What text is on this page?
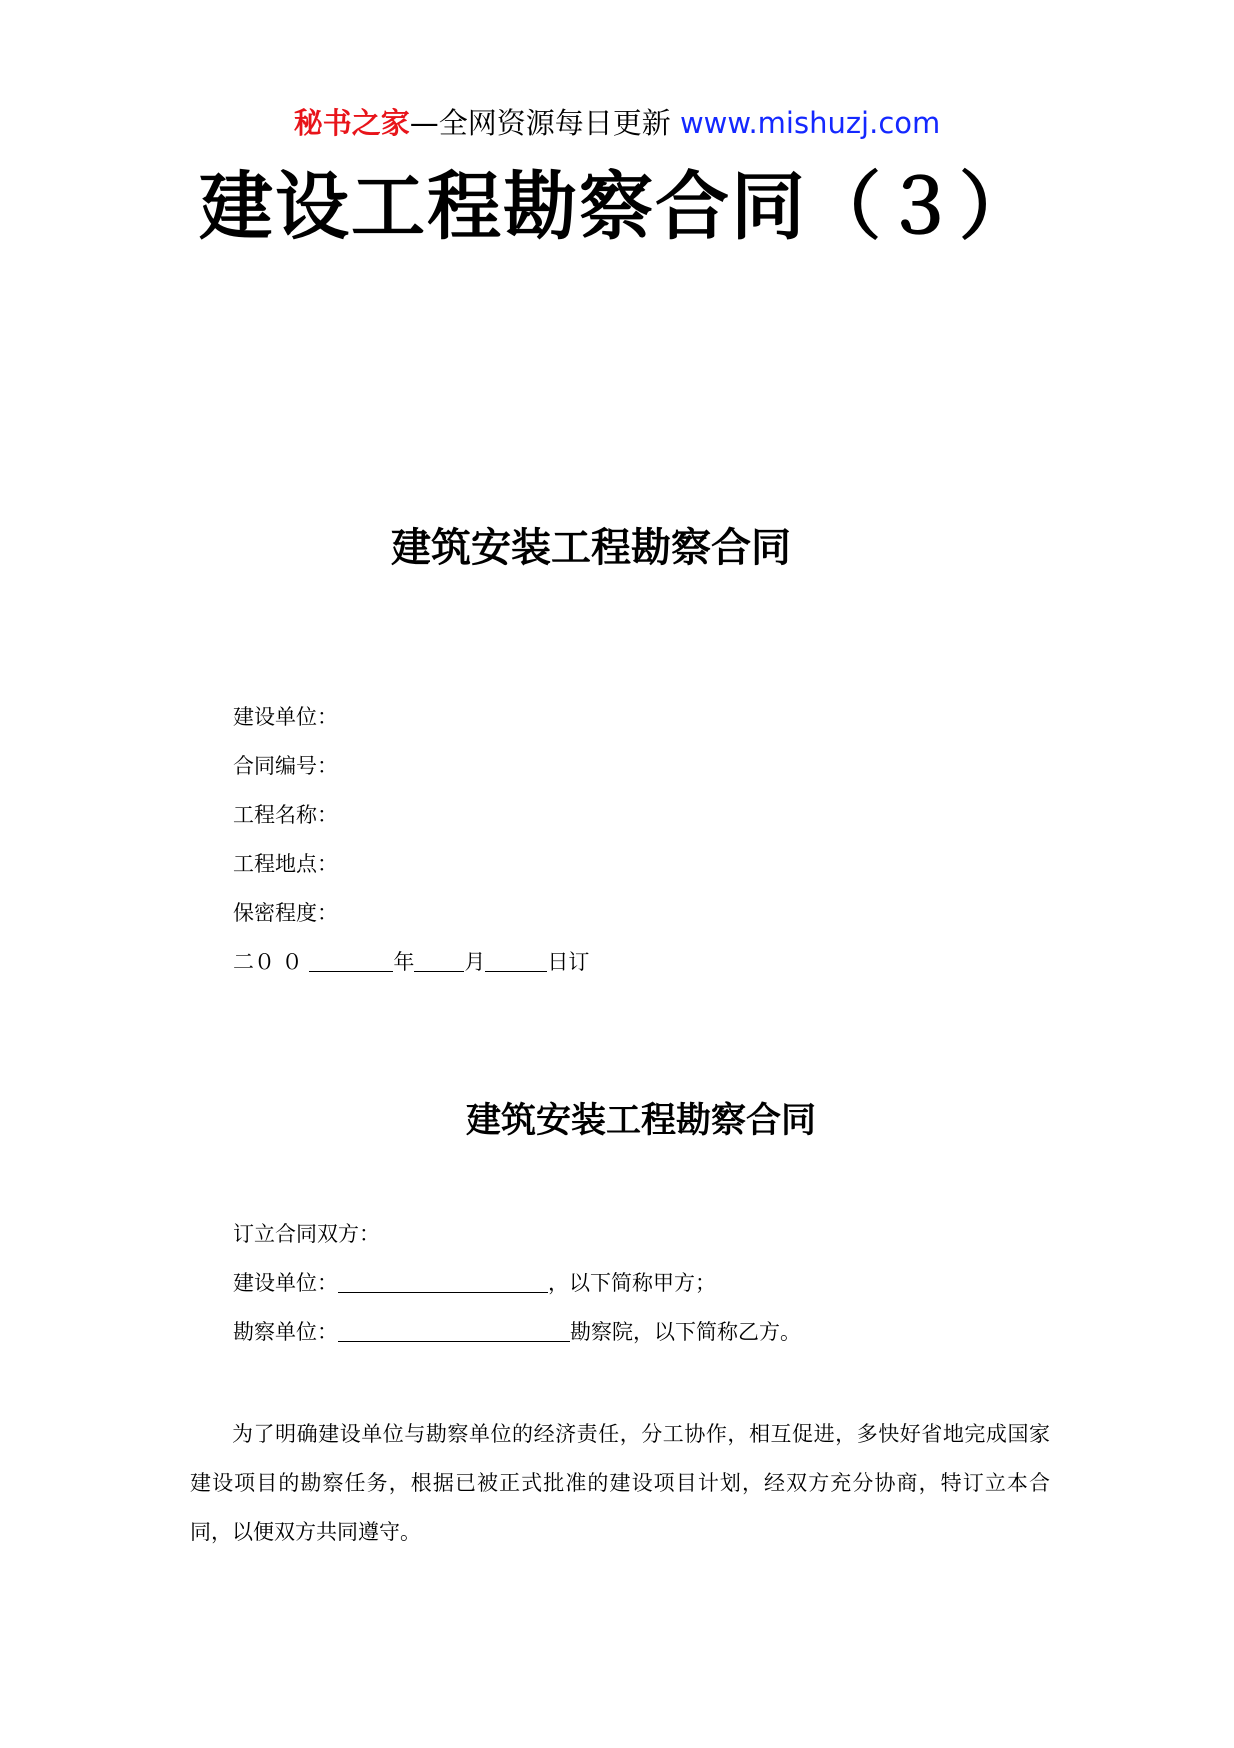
秘书之家—全网资源每日更新 www.mishuzj.com
建设工程勘察合同（３）
建筑安装工程勘察合同
建设单位：
合同编号：
工程名称：
工程地点：
保密程度：
二０ ０	年 月	日订
建筑安装工程勘察合同
订立合同双方：
建设单位：	，以下简称甲方；
勘察单位：	勘察院，以下简称乙方。
为了明确建设单位与勘察单位的经济责任，分工协作，相互促进，多快好省地完成国家建设项目的勘察任务，根据已被正式批准的建设项目计划，经双方充分协商，特订立本合同，以便双方共同遵守。
